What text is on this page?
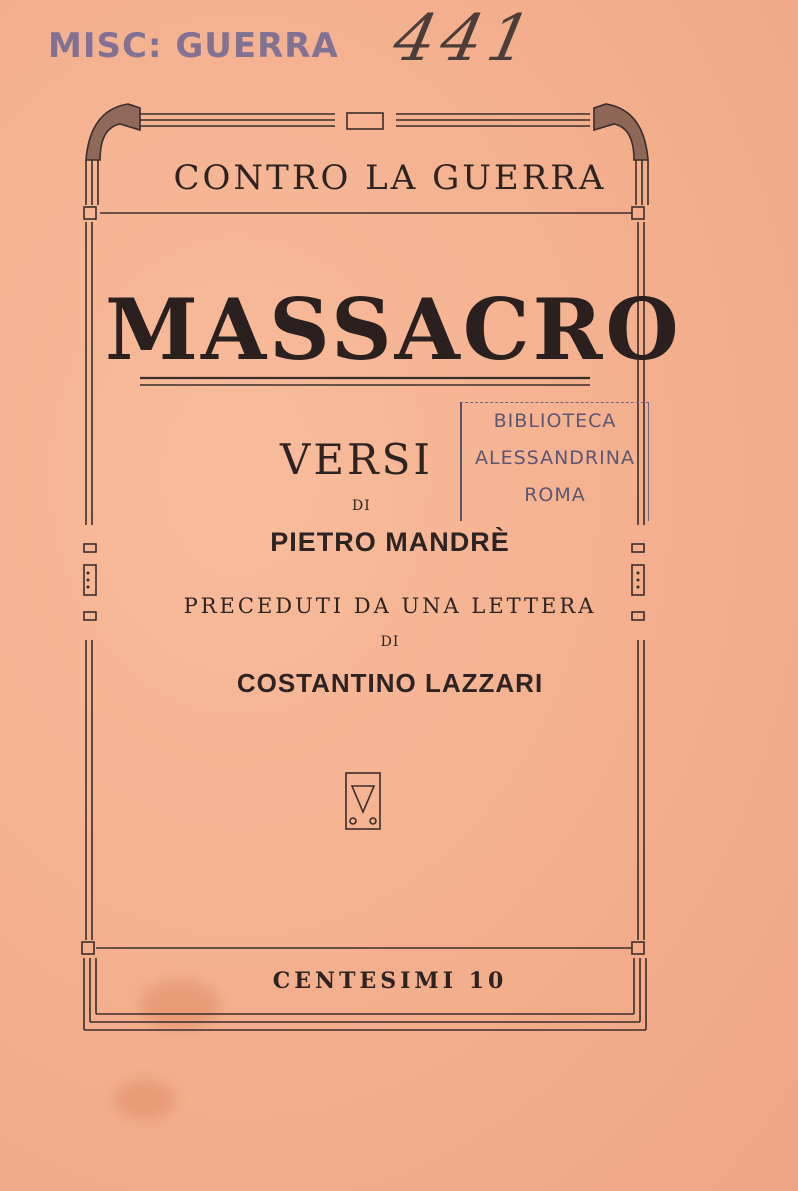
MISC: GUERRA 441
CONTRO LA GUERRA
MASSACRO
VERSI
DI
PIETRO MANDRÈ
PRECEDUTI DA UNA LETTERA
DI
COSTANTINO LAZZARI
CENTESIMI 10
BIBLIOTECA
ALESSANDRINA
ROMA
